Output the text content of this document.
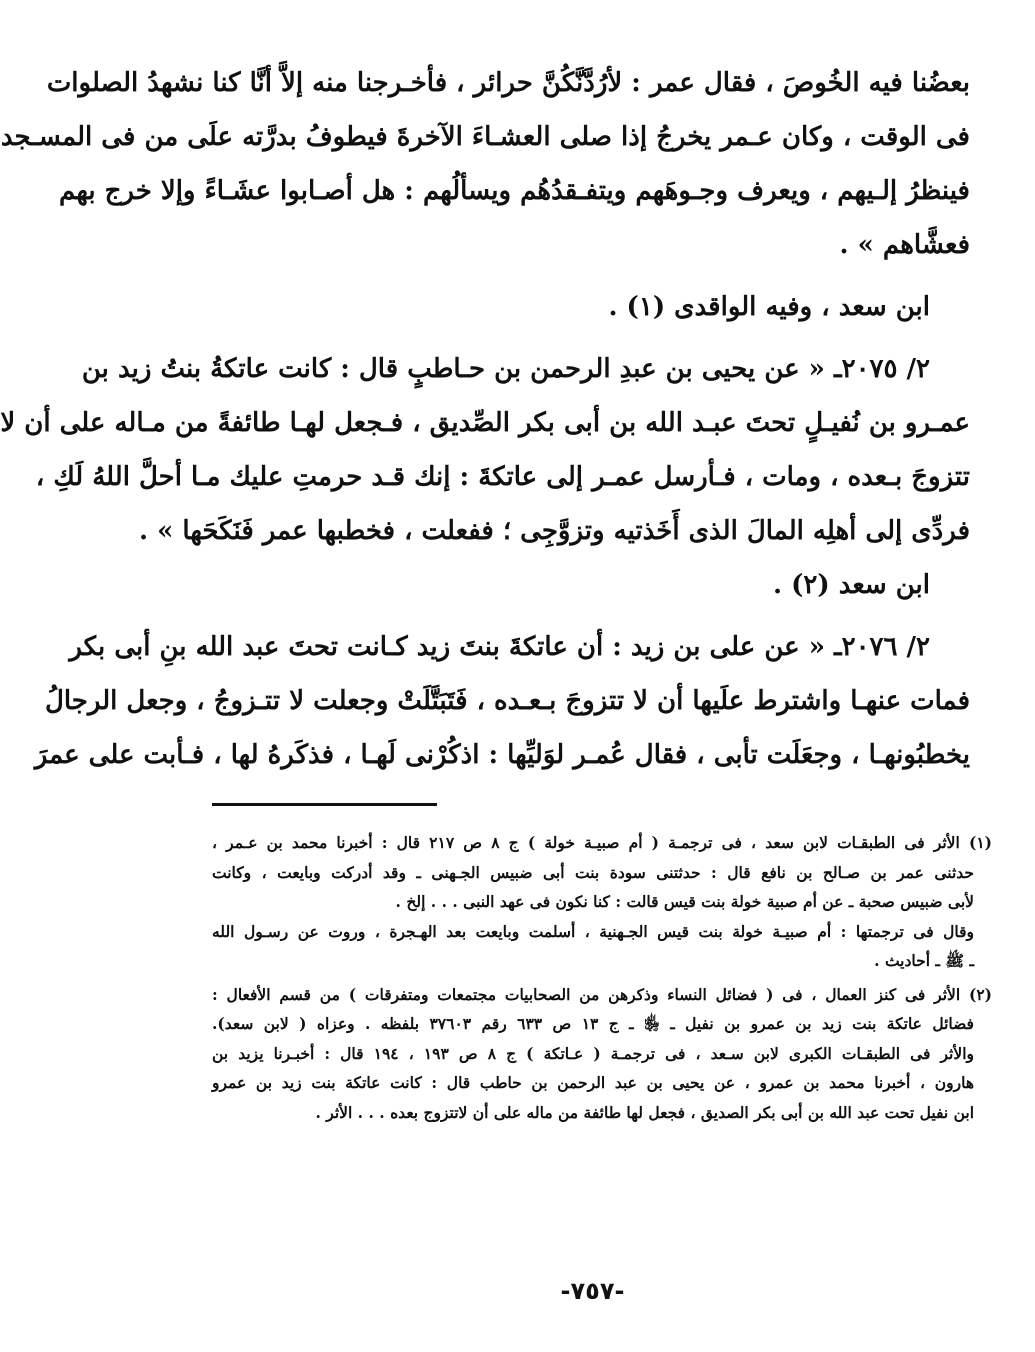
بعضُنا فيه الخُوصَ ، فقال عمر : لأرُدَّنَّكُنَّ حرائر ، فأخـرجنا منه إلاَّ أنَّا كنا نشهدُ الصلوات
فى الوقت ، وكان عـمر يخرجُ إذا صلى العشـاءَ الآخرةَ فيطوفُ بدرَّته علَى من فى المسـجد
فينظرُ إلـيهم ، ويعرف وجـوهَهم ويتفـقدُهُم ويسألُهم : هل أصـابوا عشَـاءً وإلا خرج بهم
فعشَّاهم » .
ابن سعد ، وفيه الواقدى (١) .
٢/ ٢٠٧٥ـ « عن يحيى بن عبدِ الرحمن بن حـاطبٍ قال : كانت عاتكةُ بنتُ زيد بن
عمـرو بن نُفيـلٍ تحتَ عبـد الله بن أبى بكر الصِّديق ، فـجعل لهـا طائفةً من مـاله على أن لا
تتزوجَ بـعده ، ومات ، فـأرسل عمـر إلى عاتكةَ : إنك قـد حرمتِ عليك مـا أحلَّ اللهُ لَكِ ،
فردِّى إلى أهلِه المالَ الذى أَخَذتيه وتزوَّجِى ؛ ففعلت ، فخطبها عمر فَنَكَحَها » .
ابن سعد (٢) .
٢/ ٢٠٧٦ـ « عن على بن زيد : أن عاتكةَ بنتَ زيد كـانت تحتَ عبد الله بنِ أبى بكر
فمات عنهـا واشترط علَيها أن لا تتزوجَ بـعـده ، فَتَبَتَّلَتْ وجعلت لا تتـزوجُ ، وجعل الرجالُ
يخطبُونهـا ، وجعَلَت تأبى ، فقال عُمـر لوَليِّها : اذكُرْنى لَهـا ، فذكَرهُ لها ، فـأبت على عمرَ
(١) الأثر فى الطبقـات لابن سعد ، فى ترجمـة ( أم صبيـة خولة ) ج ٨ ص ٢١٧ قال : أخبرنا محمد بن عـمر ،
حدثنى عمر بن صـالح بن نافع قال : حدثتنى سودة بنت أبى ضبيس الجـهنى ـ وقد أدركت وبايعت ، وكانت
لأبى ضبيس صحبة ـ عن أم صبية خولة بنت قيس قالت : كنا نكون فى عهد النبى . . . إلخ .
وقال فى ترجمتها : أم صبيـة خولة بنت قيس الجـهنية ، أسلمت وبايعت بعد الهـجرة ، وروت عن رسـول الله
ـ ﷺ ـ أحاديث .
(٢) الأثر فى كنز العمال ، فى ( فضائل النساء وذكرهن من الصحابيات مجتمعات ومتفرقات ) من قسم الأفعال :
فضائل عاتكة بنت زيد بن عمرو بن نفيل ـ ﵂ ـ ج ١٣ ص ٦٣٣ رقم ٣٧٦٠٣ بلفظه . وعزاه ( لابن سعد).
والأثر فى الطبقـات الكبرى لابن سـعد ، فى ترجمـة ( عـاتكة ) ج ٨ ص ١٩٣ ، ١٩٤ قال : أخبـرنا يزيد بن
هارون ، أخبرنا محمد بن عمرو ، عن يحيى بن عبد الرحمن بن حاطب قال : كانت عاتكة بنت زيد بن عمرو
ابن نفيل تحت عبد الله بن أبى بكر الصديق ، فجعل لها طائفة من ماله على أن لاتتزوج بعده . . . الأثر .
-٧٥٧-
